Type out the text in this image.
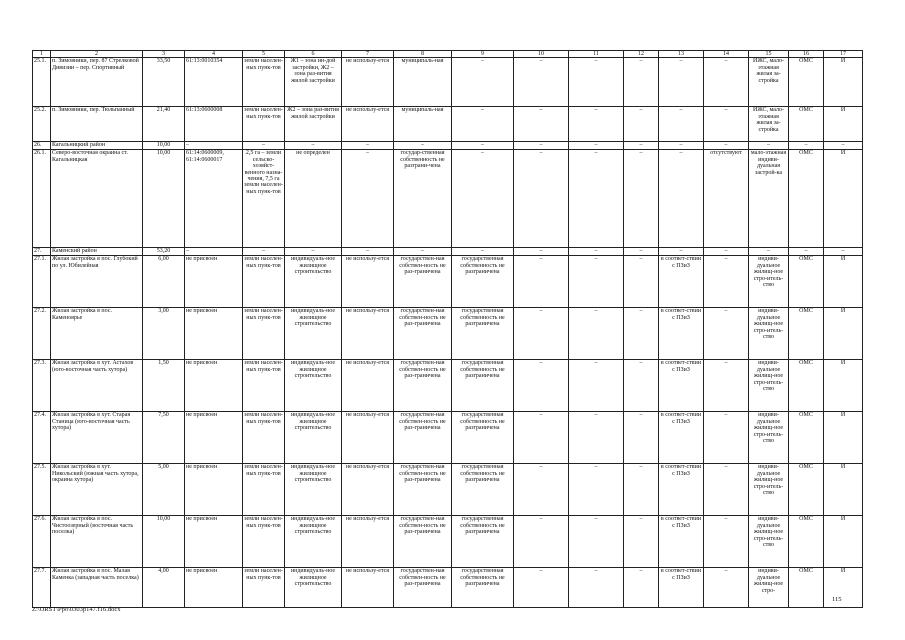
1	2	3	4	5	6	7	8	9	10	11	12	13	14	15	16	17
25.1.	п. Зимовники, пер. 87 Стрелковой Дивизии – пер. Спортивный	33,50	61:13:0010354	земли населен-ных пунк-тов	Ж1 – зона ин-дой застройки, Ж2 – зона раз-вития жилой застройки	не использу-ется	муниципаль-ная	–	–	–	–	–	–	ИЖС, мало-этажная жилая за-стройка	ОМС	И
25.2.	п. Зимовники, пер. Тюльпанный	21,40	61:13:0600008	земли населен-ных пунк-тов	Ж2 – зона раз-вития жилой застройки	не использу-ется	муниципаль-ная	–	–	–	–	–	–	ИЖС, мало-этажная жилая за-стройка	ОМС	И
26.	Кагальницкий район	10,00	–	–	–	–	–	–	–	–	–	–	–	–	–	–
26.1.	Северо-восточная окраина ст. Кагальницкая	10,00	61:14:0600009, 61:14:0600017	2,5 га – земли сельско-хозяйст-венного назна-чения, 7,5 га земли населен-ных пунк-тов	не определен	–	государ-ственная собственность не разграни-чена	–	–	–	–	–	отсутствуют	мало-этажная индиви-дуальная застрой-ка	ОМС	И
27.	Каменский район	53,20	–	–	–	–	–	–	–	–	–	–	–	–	–	–
27.1.	Жилая застройка в пос. Глубокий по ул. Юбилейная	6,00	не присвоен	земли населен-ных пунк-тов	индивидуаль-ное жилищное строительство	не использу-ется	государствен-ная собствен-ность не раз-граничена	государственная собственность не разграничена	–	–	–	в соответ-ствии с ПЗиЗ	–	индиви-дуальное жилищ-ное стро-итель-ство	ОМС	И
27.2.	Жилая застройка в пос. Каменоярье	3,00	не присвоен	земли населен-ных пунк-тов	индивидуаль-ное жилищное строительство	не использу-ется	государствен-ная собствен-ность не раз-граничена	государственная собственность не разграничена	–	–	–	в соответ-ствии с ПЗиЗ	–	индиви-дуальное жилищ-ное стро-итель-ство	ОМС	И
27.3.	Жилая застройка в хут. Астахов (юго-восточная часть хутора)	1,50	не присвоен	земли населен-ных пунк-тов	индивидуаль-ное жилищное строительство	не использу-ется	государствен-ная собствен-ность не раз-граничена	государственная собственность не разграничена	–	–	–	в соответ-ствии с ПЗиЗ	–	индиви-дуальное жилищ-ное стро-итель-ство	ОМС	И
27.4.	Жилая застройка в хут. Старая Станица (юго-восточная часть хутора)	7,50	не присвоен	земли населен-ных пунк-тов	индивидуаль-ное жилищное строительство	не использу-ется	государствен-ная собствен-ность не раз-граничена	государственная собственность не разграничена	–	–	–	в соответ-ствии с ПЗиЗ	–	индиви-дуальное жилищ-ное стро-итель-ство	ОМС	И
27.5.	Жилая застройка в хут. Никольский (южная часть хутора, окраина хутора)	5,00	не присвоен	земли населен-ных пунк-тов	индивидуаль-ное жилищное строительство	не использу-ется	государствен-ная собствен-ность не раз-граничена	государственная собственность не разграничена	–	–	–	в соответ-ствии с ПЗиЗ	–	индиви-дуальное жилищ-ное стро-итель-ство	ОМС	И
27.6.	Жилая застройка в пос. Чистоозерный (восточная часть поселка)	10,00	не присвоен	земли населен-ных пунк-тов	индивидуаль-ное жилищное строительство	не использу-ется	государствен-ная собствен-ность не раз-граничена	государственная собственность не разграничена	–	–	–	в соответ-ствии с ПЗиЗ	–	индиви-дуальное жилищ-ное стро-итель-ство	ОМС	И
27.7.	Жилая застройка в пос. Малая Каменка (западная часть поселка)	4,00	не присвоен	земли населен-ных пунк-тов	индивидуаль-ное жилищное строительство	не использу-ется	государствен-ная собствен-ность не раз-граничена	государственная собственность не разграничена	–	–	–	в соответ-ствии с ПЗиЗ	–	индиви-дуальное жилищ-ное стро-	ОМС	И
115
Z:\ORST\Ppo\0303p147.f16.docx
